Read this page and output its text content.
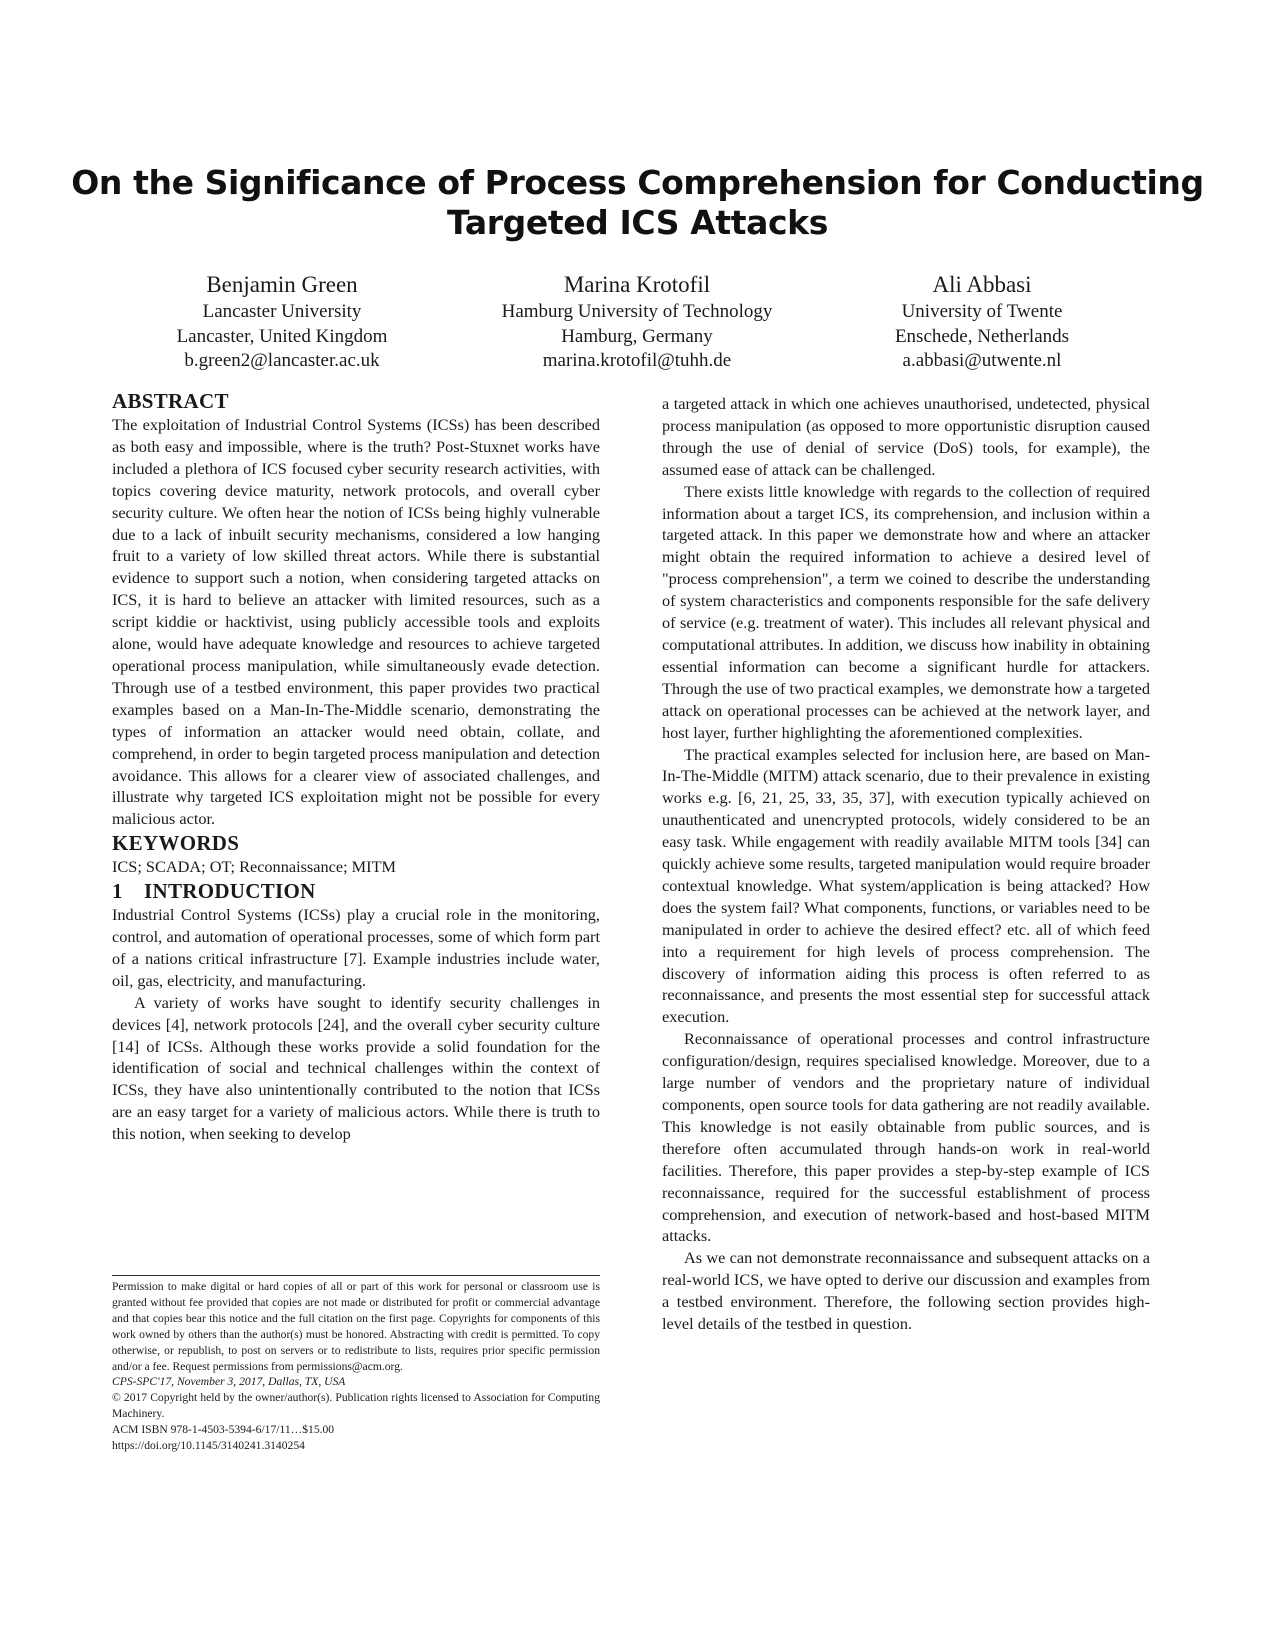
On the Significance of Process Comprehension for Conducting
Targeted ICS Attacks
Benjamin Green
Lancaster University
Lancaster, United Kingdom
b.green2@lancaster.ac.uk
Marina Krotofil
Hamburg University of Technology
Hamburg, Germany
marina.krotofil@tuhh.de
Ali Abbasi
University of Twente
Enschede, Netherlands
a.abbasi@utwente.nl
ABSTRACT

The exploitation of Industrial Control Systems (ICSs) has been described as both easy and impossible, where is the truth? Post-Stuxnet works have included a plethora of ICS focused cyber security research activities, with topics covering device maturity, network protocols, and overall cyber security culture. We often hear the notion of ICSs being highly vulnerable due to a lack of inbuilt security mechanisms, considered a low hanging fruit to a variety of low skilled threat actors. While there is substantial evidence to support such a notion, when considering targeted attacks on ICS, it is hard to believe an attacker with limited resources, such as a script kiddie or hacktivist, using publicly accessible tools and exploits alone, would have adequate knowledge and resources to achieve targeted operational process manipulation, while simultaneously evade detection. Through use of a testbed environment, this paper provides two practical examples based on a Man-In-The-Middle scenario, demonstrating the types of information an attacker would need obtain, collate, and comprehend, in order to begin targeted process manipulation and detection avoidance. This allows for a clearer view of associated challenges, and illustrate why targeted ICS exploitation might not be possible for every malicious actor.

KEYWORDS

ICS; SCADA; OT; Reconnaissance; MITM

1 INTRODUCTION

Industrial Control Systems (ICSs) play a crucial role in the monitoring, control, and automation of operational processes, some of which form part of a nations critical infrastructure [7]. Example industries include water, oil, gas, electricity, and manufacturing.

A variety of works have sought to identify security challenges in devices [4], network protocols [24], and the overall cyber security culture [14] of ICSs. Although these works provide a solid foundation for the identification of social and technical challenges within the context of ICSs, they have also unintentionally contributed to the notion that ICSs are an easy target for a variety of malicious actors. While there is truth to this notion, when seeking to develop

a targeted attack in which one achieves unauthorised, undetected, physical process manipulation (as opposed to more opportunistic disruption caused through the use of denial of service (DoS) tools, for example), the assumed ease of attack can be challenged.

There exists little knowledge with regards to the collection of required information about a target ICS, its comprehension, and inclusion within a targeted attack. In this paper we demonstrate how and where an attacker might obtain the required information to achieve a desired level of "process comprehension", a term we coined to describe the understanding of system characteristics and components responsible for the safe delivery of service (e.g. treatment of water). This includes all relevant physical and computational attributes. In addition, we discuss how inability in obtaining essential information can become a significant hurdle for attackers. Through the use of two practical examples, we demonstrate how a targeted attack on operational processes can be achieved at the network layer, and host layer, further highlighting the aforementioned complexities.

The practical examples selected for inclusion here, are based on Man-In-The-Middle (MITM) attack scenario, due to their prevalence in existing works e.g. [6, 21, 25, 33, 35, 37], with execution typically achieved on unauthenticated and unencrypted protocols, widely considered to be an easy task. While engagement with readily available MITM tools [34] can quickly achieve some results, targeted manipulation would require broader contextual knowledge. What system/application is being attacked? How does the system fail? What components, functions, or variables need to be manipulated in order to achieve the desired effect? etc. all of which feed into a requirement for high levels of process comprehension. The discovery of information aiding this process is often referred to as reconnaissance, and presents the most essential step for successful attack execution.

Reconnaissance of operational processes and control infrastructure configuration/design, requires specialised knowledge. Moreover, due to a large number of vendors and the proprietary nature of individual components, open source tools for data gathering are not readily available. This knowledge is not easily obtainable from public sources, and is therefore often accumulated through hands-on work in real-world facilities. Therefore, this paper provides a step-by-step example of ICS reconnaissance, required for the successful establishment of process comprehension, and execution of network-based and host-based MITM attacks.

As we can not demonstrate reconnaissance and subsequent attacks on a real-world ICS, we have opted to derive our discussion and examples from a testbed environment. Therefore, the following section provides high-level details of the testbed in question.

Permission to make digital or hard copies of all or part of this work for personal or classroom use is granted without fee provided that copies are not made or distributed for profit or commercial advantage and that copies bear this notice and the full citation on the first page. Copyrights for components of this work owned by others than the author(s) must be honored. Abstracting with credit is permitted. To copy otherwise, or republish, to post on servers or to redistribute to lists, requires prior specific permission and/or a fee. Request permissions from permissions@acm.org.

CPS-SPC'17, November 3, 2017, Dallas, TX, USA

© 2017 Copyright held by the owner/author(s). Publication rights licensed to Association for Computing Machinery.

ACM ISBN 978-1-4503-5394-6/17/11…$15.00

https://doi.org/10.1145/3140241.3140254
